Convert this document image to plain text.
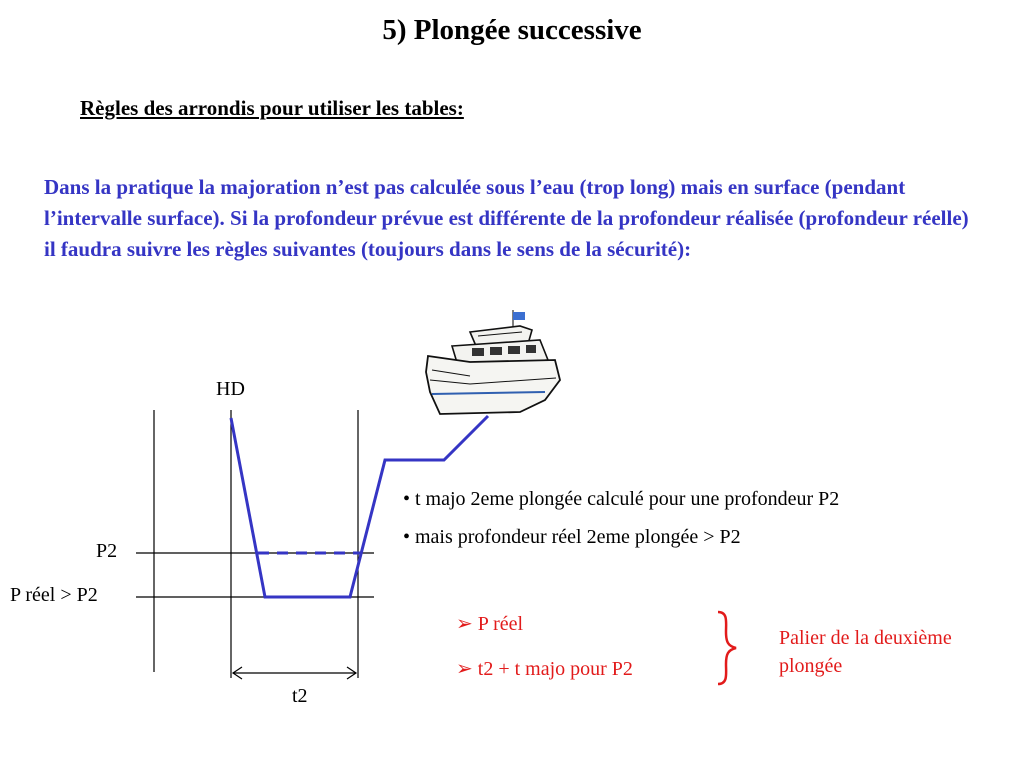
5) Plongée successive
Règles des arrondis pour utiliser les tables:
Dans la pratique la majoration n’est pas calculée sous l’eau (trop long) mais en surface (pendant l’intervalle surface). Si la profondeur prévue est différente de la profondeur réalisée (profondeur réelle) il faudra suivre les règles suivantes (toujours dans le sens de la sécurité):
HD
P2
P réel > P2
t2

• t majo 2eme plongée calculé pour une profondeur P2

• mais profondeur réel 2eme plongée > P2

➢ P réel
➢ t2 + t majo pour P2
Palier de la deuxième plongée
